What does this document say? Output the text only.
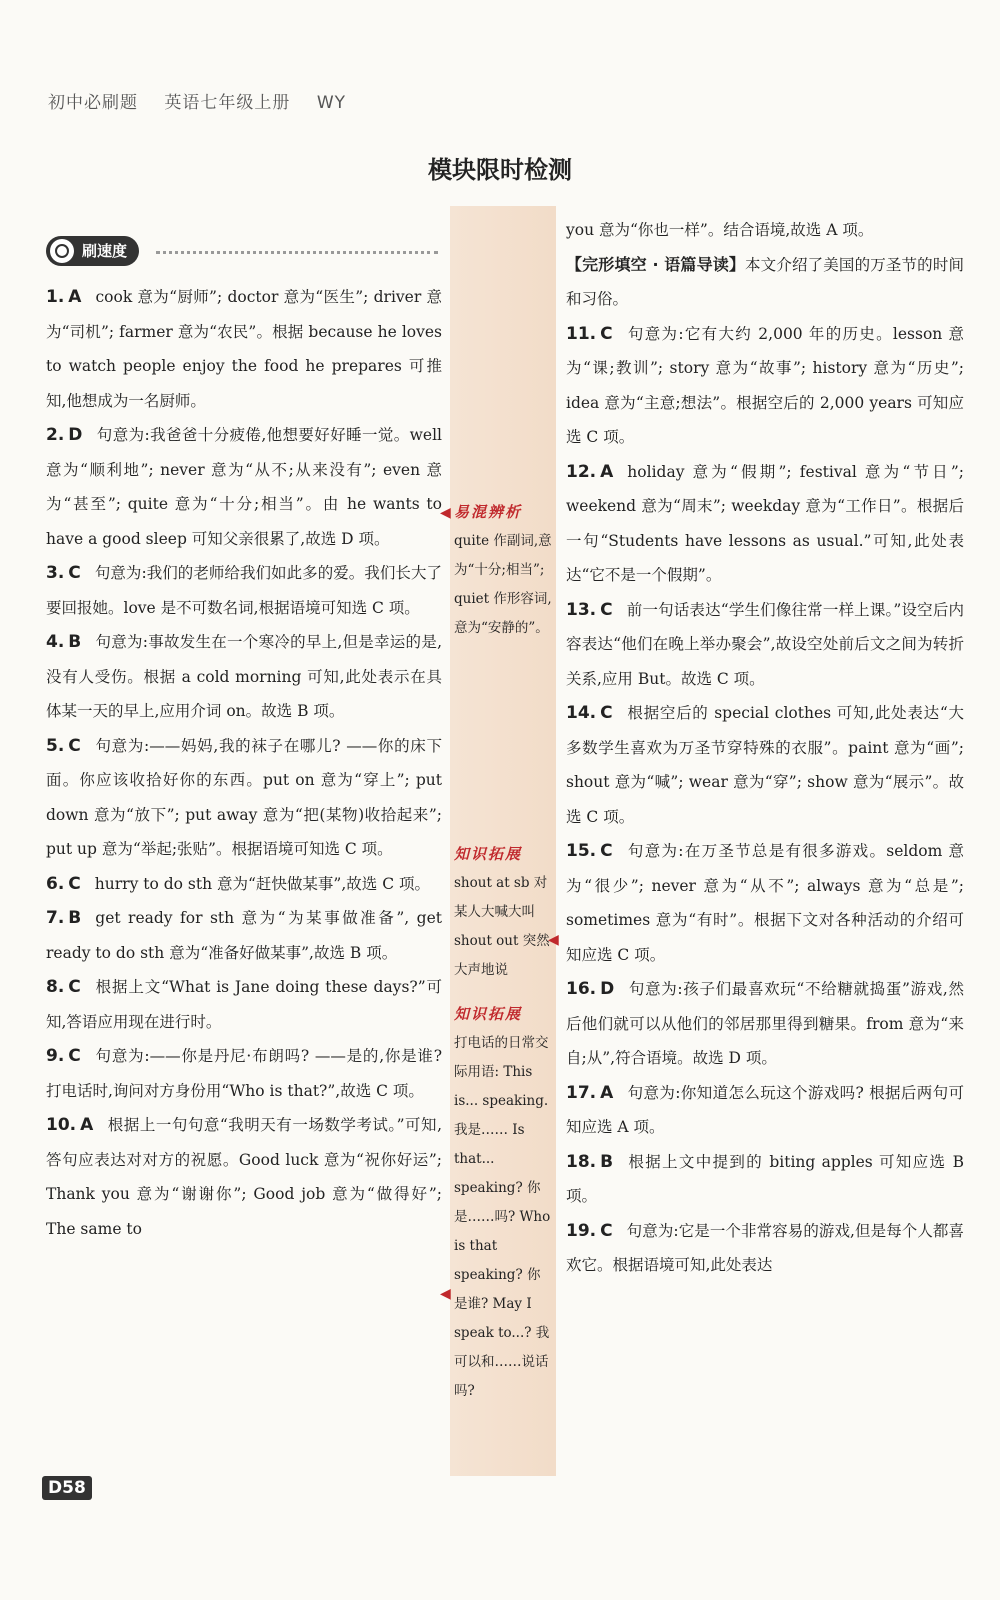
初中必刷题 英语七年级上册 WY
模块限时检测
刷速度
易混辨析
quite 作副词,意为“十分;相当”; quiet 作形容词,意为“安静的”。
◀
知识拓展
shout at sb 对某人大喊大叫 shout out 突然大声地说
◀
知识拓展
打电话的日常交际用语: This is... speaking. 我是…… Is that... speaking? 你是……吗? Who is that speaking? 你是谁? May I speak to...? 我可以和……说话吗?
◀
1. A cook 意为“厨师”; doctor 意为“医生”; driver 意为“司机”; farmer 意为“农民”。根据 because he loves to watch people enjoy the food he prepares 可推知,他想成为一名厨师。
2. D 句意为:我爸爸十分疲倦,他想要好好睡一觉。well 意为“顺利地”; never 意为“从不;从来没有”; even 意为“甚至”; quite 意为“十分;相当”。由 he wants to have a good sleep 可知父亲很累了,故选 D 项。
3. C 句意为:我们的老师给我们如此多的爱。我们长大了要回报她。love 是不可数名词,根据语境可知选 C 项。
4. B 句意为:事故发生在一个寒冷的早上,但是幸运的是,没有人受伤。根据 a cold morning 可知,此处表示在具体某一天的早上,应用介词 on。故选 B 项。
5. C 句意为:——妈妈,我的袜子在哪儿? ——你的床下面。你应该收拾好你的东西。put on 意为“穿上”; put down 意为“放下”; put away 意为“把(某物)收拾起来”; put up 意为“举起;张贴”。根据语境可知选 C 项。
6. C hurry to do sth 意为“赶快做某事”,故选 C 项。
7. B get ready for sth 意为“为某事做准备”, get ready to do sth 意为“准备好做某事”,故选 B 项。
8. C 根据上文“What is Jane doing these days?”可知,答语应用现在进行时。
9. C 句意为:——你是丹尼·布朗吗? ——是的,你是谁? 打电话时,询问对方身份用“Who is that?”,故选 C 项。
10. A 根据上一句句意“我明天有一场数学考试。”可知,答句应表达对对方的祝愿。Good luck 意为“祝你好运”; Thank you 意为“谢谢你”; Good job 意为“做得好”; The same to
you 意为“你也一样”。结合语境,故选 A 项。
【完形填空 · 语篇导读】本文介绍了美国的万圣节的时间和习俗。
11. C 句意为:它有大约 2,000 年的历史。lesson 意为“课;教训”; story 意为“故事”; history 意为“历史”; idea 意为“主意;想法”。根据空后的 2,000 years 可知应选 C 项。
12. A holiday 意为“假期”; festival 意为“节日”; weekend 意为“周末”; weekday 意为“工作日”。根据后一句“Students have lessons as usual.”可知,此处表达“它不是一个假期”。
13. C 前一句话表达“学生们像往常一样上课。”设空后内容表达“他们在晚上举办聚会”,故设空处前后文之间为转折关系,应用 But。故选 C 项。
14. C 根据空后的 special clothes 可知,此处表达“大多数学生喜欢为万圣节穿特殊的衣服”。paint 意为“画”; shout 意为“喊”; wear 意为“穿”; show 意为“展示”。故选 C 项。
15. C 句意为:在万圣节总是有很多游戏。seldom 意为“很少”; never 意为“从不”; always 意为“总是”; sometimes 意为“有时”。根据下文对各种活动的介绍可知应选 C 项。
16. D 句意为:孩子们最喜欢玩“不给糖就捣蛋”游戏,然后他们就可以从他们的邻居那里得到糖果。from 意为“来自;从”,符合语境。故选 D 项。
17. A 句意为:你知道怎么玩这个游戏吗? 根据后两句可知应选 A 项。
18. B 根据上文中提到的 biting apples 可知应选 B 项。
19. C 句意为:它是一个非常容易的游戏,但是每个人都喜欢它。根据语境可知,此处表达
D58
